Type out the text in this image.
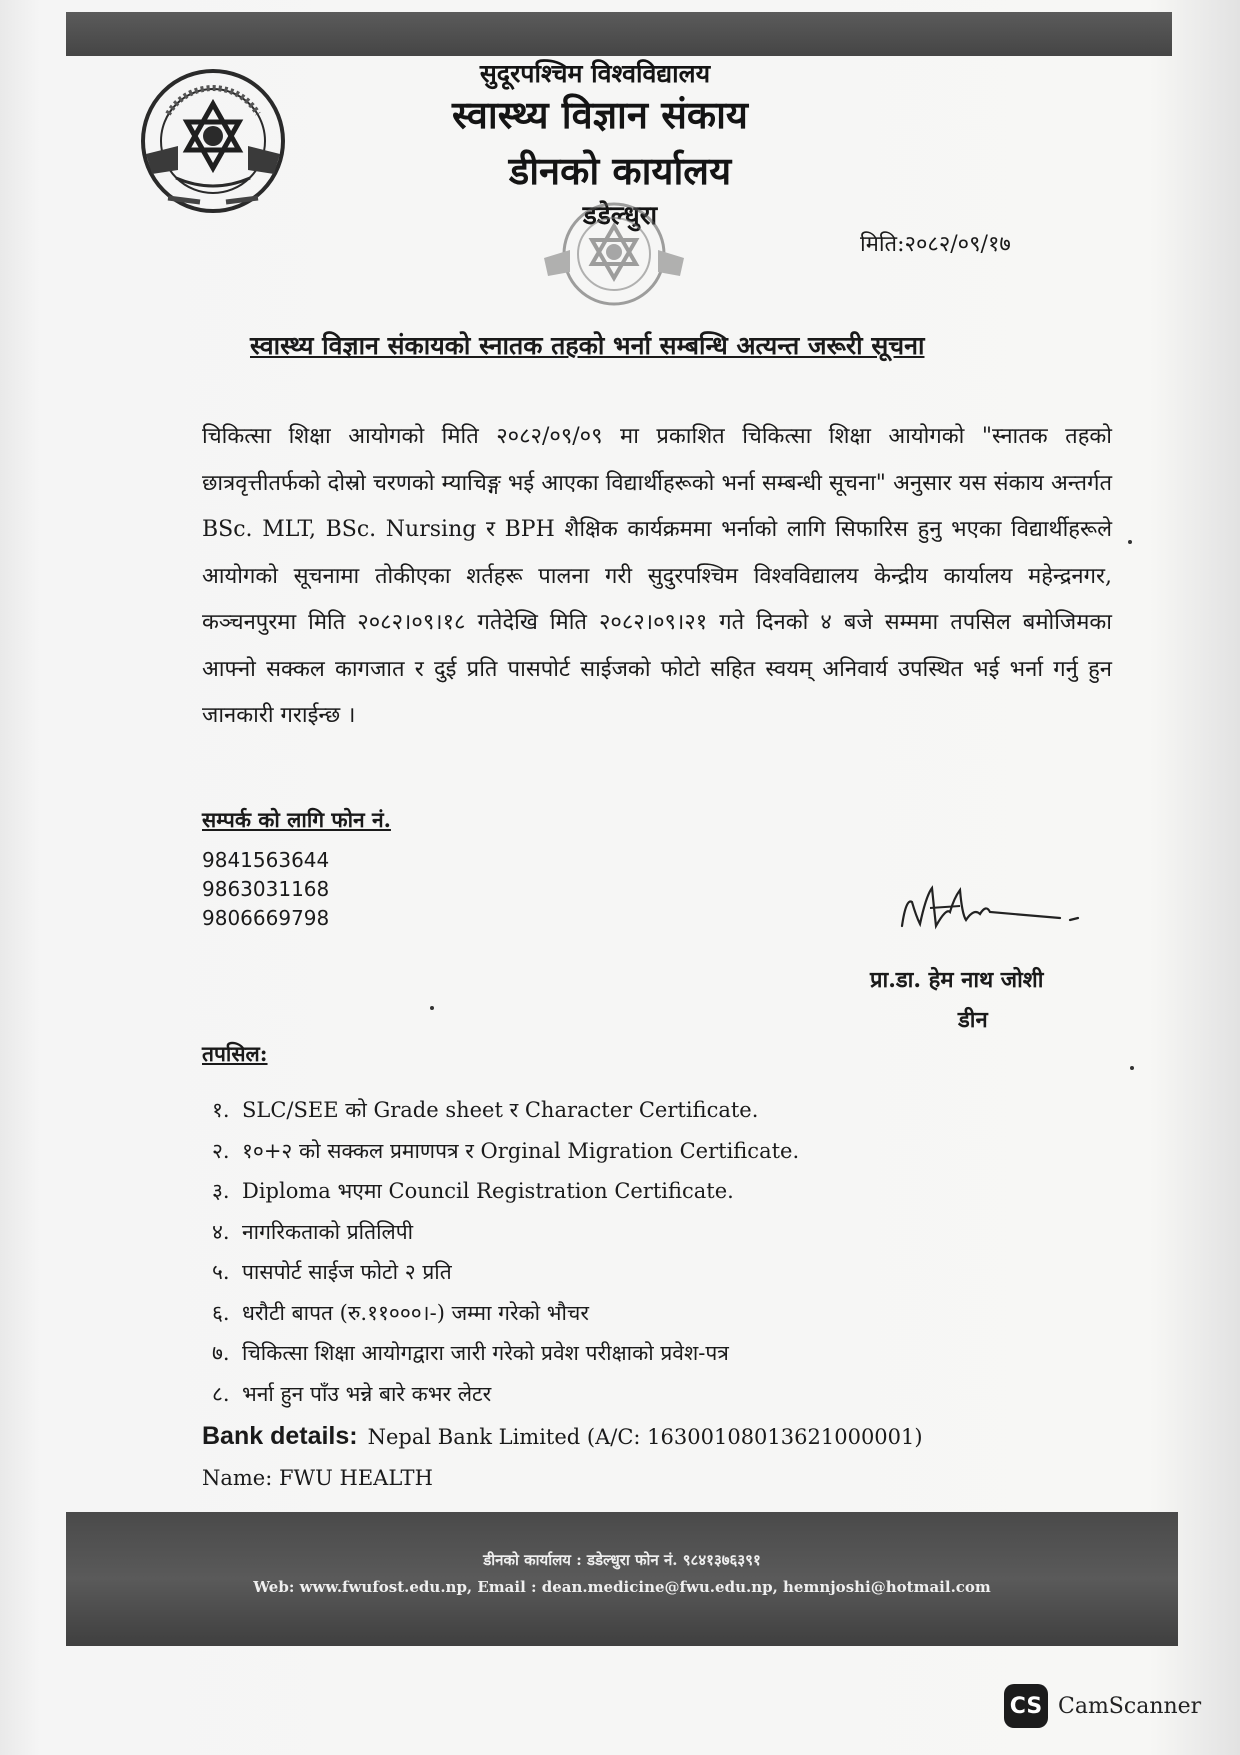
सुदूरपश्चिम विश्वविद्यालय
स्वास्थ्य विज्ञान संकाय
डीनको कार्यालय
डडेल्धुरा
मिति:२०८२/०९/१७
स्वास्थ्य विज्ञान संकायको स्नातक तहको भर्ना सम्बन्धि अत्यन्त जरूरी सूचना
चिकित्सा शिक्षा आयोगको मिति २०८२/०९/०९ मा प्रकाशित चिकित्सा शिक्षा आयोगको "स्नातक तहको छात्रवृत्तीतर्फको दोस्रो चरणको म्याचिङ्ग भई आएका विद्यार्थीहरूको भर्ना सम्बन्धी सूचना" अनुसार यस संकाय अन्तर्गत BSc. MLT, BSc. Nursing र BPH शैक्षिक कार्यक्रममा भर्नाको लागि सिफारिस हुनु भएका विद्यार्थीहरूले आयोगको सूचनामा तोकीएका शर्तहरू पालना गरी सुदुरपश्चिम विश्वविद्यालय केन्द्रीय कार्यालय महेन्द्रनगर, कञ्चनपुरमा मिति २०८२।०९।१८ गतेदेखि मिति २०८२।०९।२१ गते दिनको ४ बजे सम्ममा तपसिल बमोजिमका आफ्नो सक्कल कागजात र दुई प्रति पासपोर्ट साईजको फोटो सहित स्वयम् अनिवार्य उपस्थित भई भर्ना गर्नु हुन जानकारी गराईन्छ ।
सम्पर्क को लागि फोन नं.
9841563644
9863031168
9806669798
प्रा.डा. हेम नाथ जोशी
डीन
तपसिल:
१. SLC/SEE को Grade sheet र Character Certificate.
२. १०+२ को सक्कल प्रमाणपत्र र Orginal Migration Certificate.
३. Diploma भएमा Council Registration Certificate.
४. नागरिकताको प्रतिलिपी
५. पासपोर्ट साईज फोटो २ प्रति
६. धरौटी बापत (रु.११०००।-) जम्मा गरेको भौचर
७. चिकित्सा शिक्षा आयोगद्वारा जारी गरेको प्रवेश परीक्षाको प्रवेश-पत्र
८. भर्ना हुन पाँउ भन्ने बारे कभर लेटर
Bank details: Nepal Bank Limited (A/C: 16300108013621000001)
Name: FWU HEALTH
डीनको कार्यालय : डडेल्धुरा फोन नं. ९८४१३७६३९१
Web: www.fwufost.edu.np, Email : dean.medicine@fwu.edu.np, hemnjoshi@hotmail.com
CS CamScanner
